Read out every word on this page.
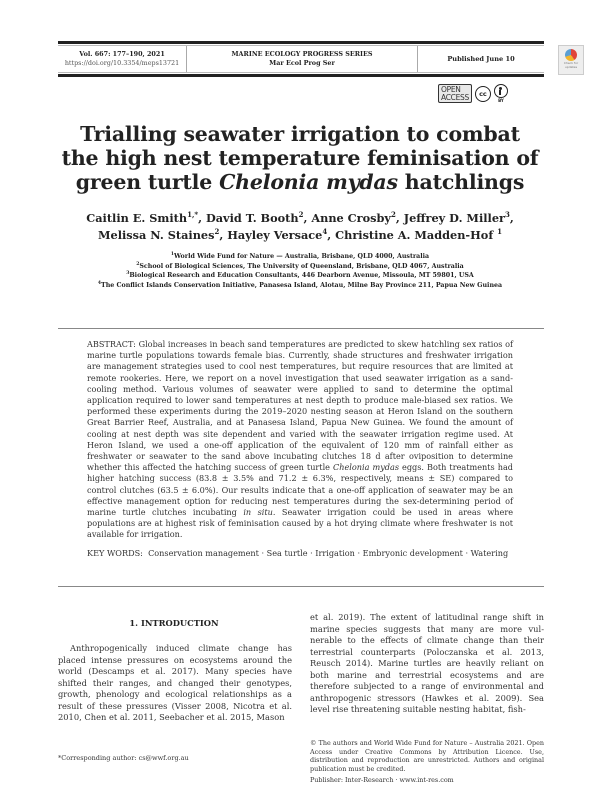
Vol. 667: 177–190, 2021
https://doi.org/10.3354/meps13721
MARINE ECOLOGY PROGRESS SERIES
Mar Ecol Prog Ser
Published June 10
Check for updates
OPEN
ACCESS	cc
BY
Trialling seawater irrigation to combat
the high nest temperature feminisation of
green turtle Chelonia mydas hatchlings
Caitlin E. Smith$^{1,*}$, David T. Booth$^2$, Anne Crosby$^2$, Jeffrey D. Miller$^3$,
Melissa N. Staines$^2$, Hayley Versace$^4$, Christine A. Madden-Hof $^1$
$^1$World Wide Fund for Nature — Australia, Brisbane, QLD 4000, Australia
$^2$School of Biological Sciences, The University of Queensland, Brisbane, QLD 4067, Australia
$^3$Biological Research and Education Consultants, 446 Dearborn Avenue, Missoula, MT 59801, USA
$^4$The Conflict Islands Conservation Initiative, Panasesa Island, Alotau, Milne Bay Province 211, Papua New Guinea
ABSTRACT: Global increases in beach sand temperatures are predicted to skew hatchling sex ratios of marine turtle populations towards female bias. Currently, shade structures and freshwater irrigation are management strategies used to cool nest temperatures, but require resources that are limited at remote rookeries. Here, we report on a novel investigation that used seawater irrigation as a sand-cooling method. Various volumes of seawater were applied to sand to determine the optimal application required to lower sand temperatures at nest depth to produce male-biased sex ratios. We performed these experiments during the 2019–2020 nesting season at Heron Island on the southern Great Barrier Reef, Australia, and at Panasesa Island, Papua New Guinea. We found the amount of cooling at nest depth was site dependent and varied with the seawater irrigation regime used. At Heron Island, we used a one-off application of the equivalent of 120 mm of rainfall either as freshwater or seawater to the sand above incubating clutches 18 d after oviposition to determine whether this affected the hatching success of green turtle Chelonia mydas eggs. Both treatments had higher hatching success (83.8 ± 3.5% and 71.2 ± 6.3%, respectively, means ± SE) compared to control clutches (63.5 ± 6.0%). Our results indicate that a one-off application of seawater may be an effective management option for reducing nest temperatures during the sex-determining period of marine turtle clutches incubating in situ. Seawater irrigation could be used in areas where populations are at highest risk of feminisation caused by a hot drying climate where freshwater is not available for irrigation.
KEY WORDS: Conservation management · Sea turtle · Irrigation · Embryonic development · Watering
1. INTRODUCTION

Anthropogenically induced climate change has placed intense pressures on ecosystems around the world (Descamps et al. 2017). Many species have shifted their ranges, and changed their genotypes, growth, phenology and ecological relationships as a result of these pressures (Visser 2008, Nicotra et al. 2010, Chen et al. 2011, Seebacher et al. 2015, Mason

et al. 2019). The extent of latitudinal range shift in marine species suggests that many are more vulnerable to the effects of climate change than their terrestrial counterparts (Poloczanska et al. 2013, Reusch 2014). Marine turtles are heavily reliant on both marine and terrestrial ecosystems and are therefore subjected to a range of environmental and anthropogenic stressors (Hawkes et al. 2009). Sea level rise threatening suitable nesting habitat, fish-

*Corresponding author: cs@wwf.org.au
© The authors and World Wide Fund for Nature – Australia 2021. Open Access under Creative Commons by Attribution Licence. Use, distribution and reproduction are unrestricted. Authors and original publication must be credited.
Publisher: Inter-Research · www.int-res.com
